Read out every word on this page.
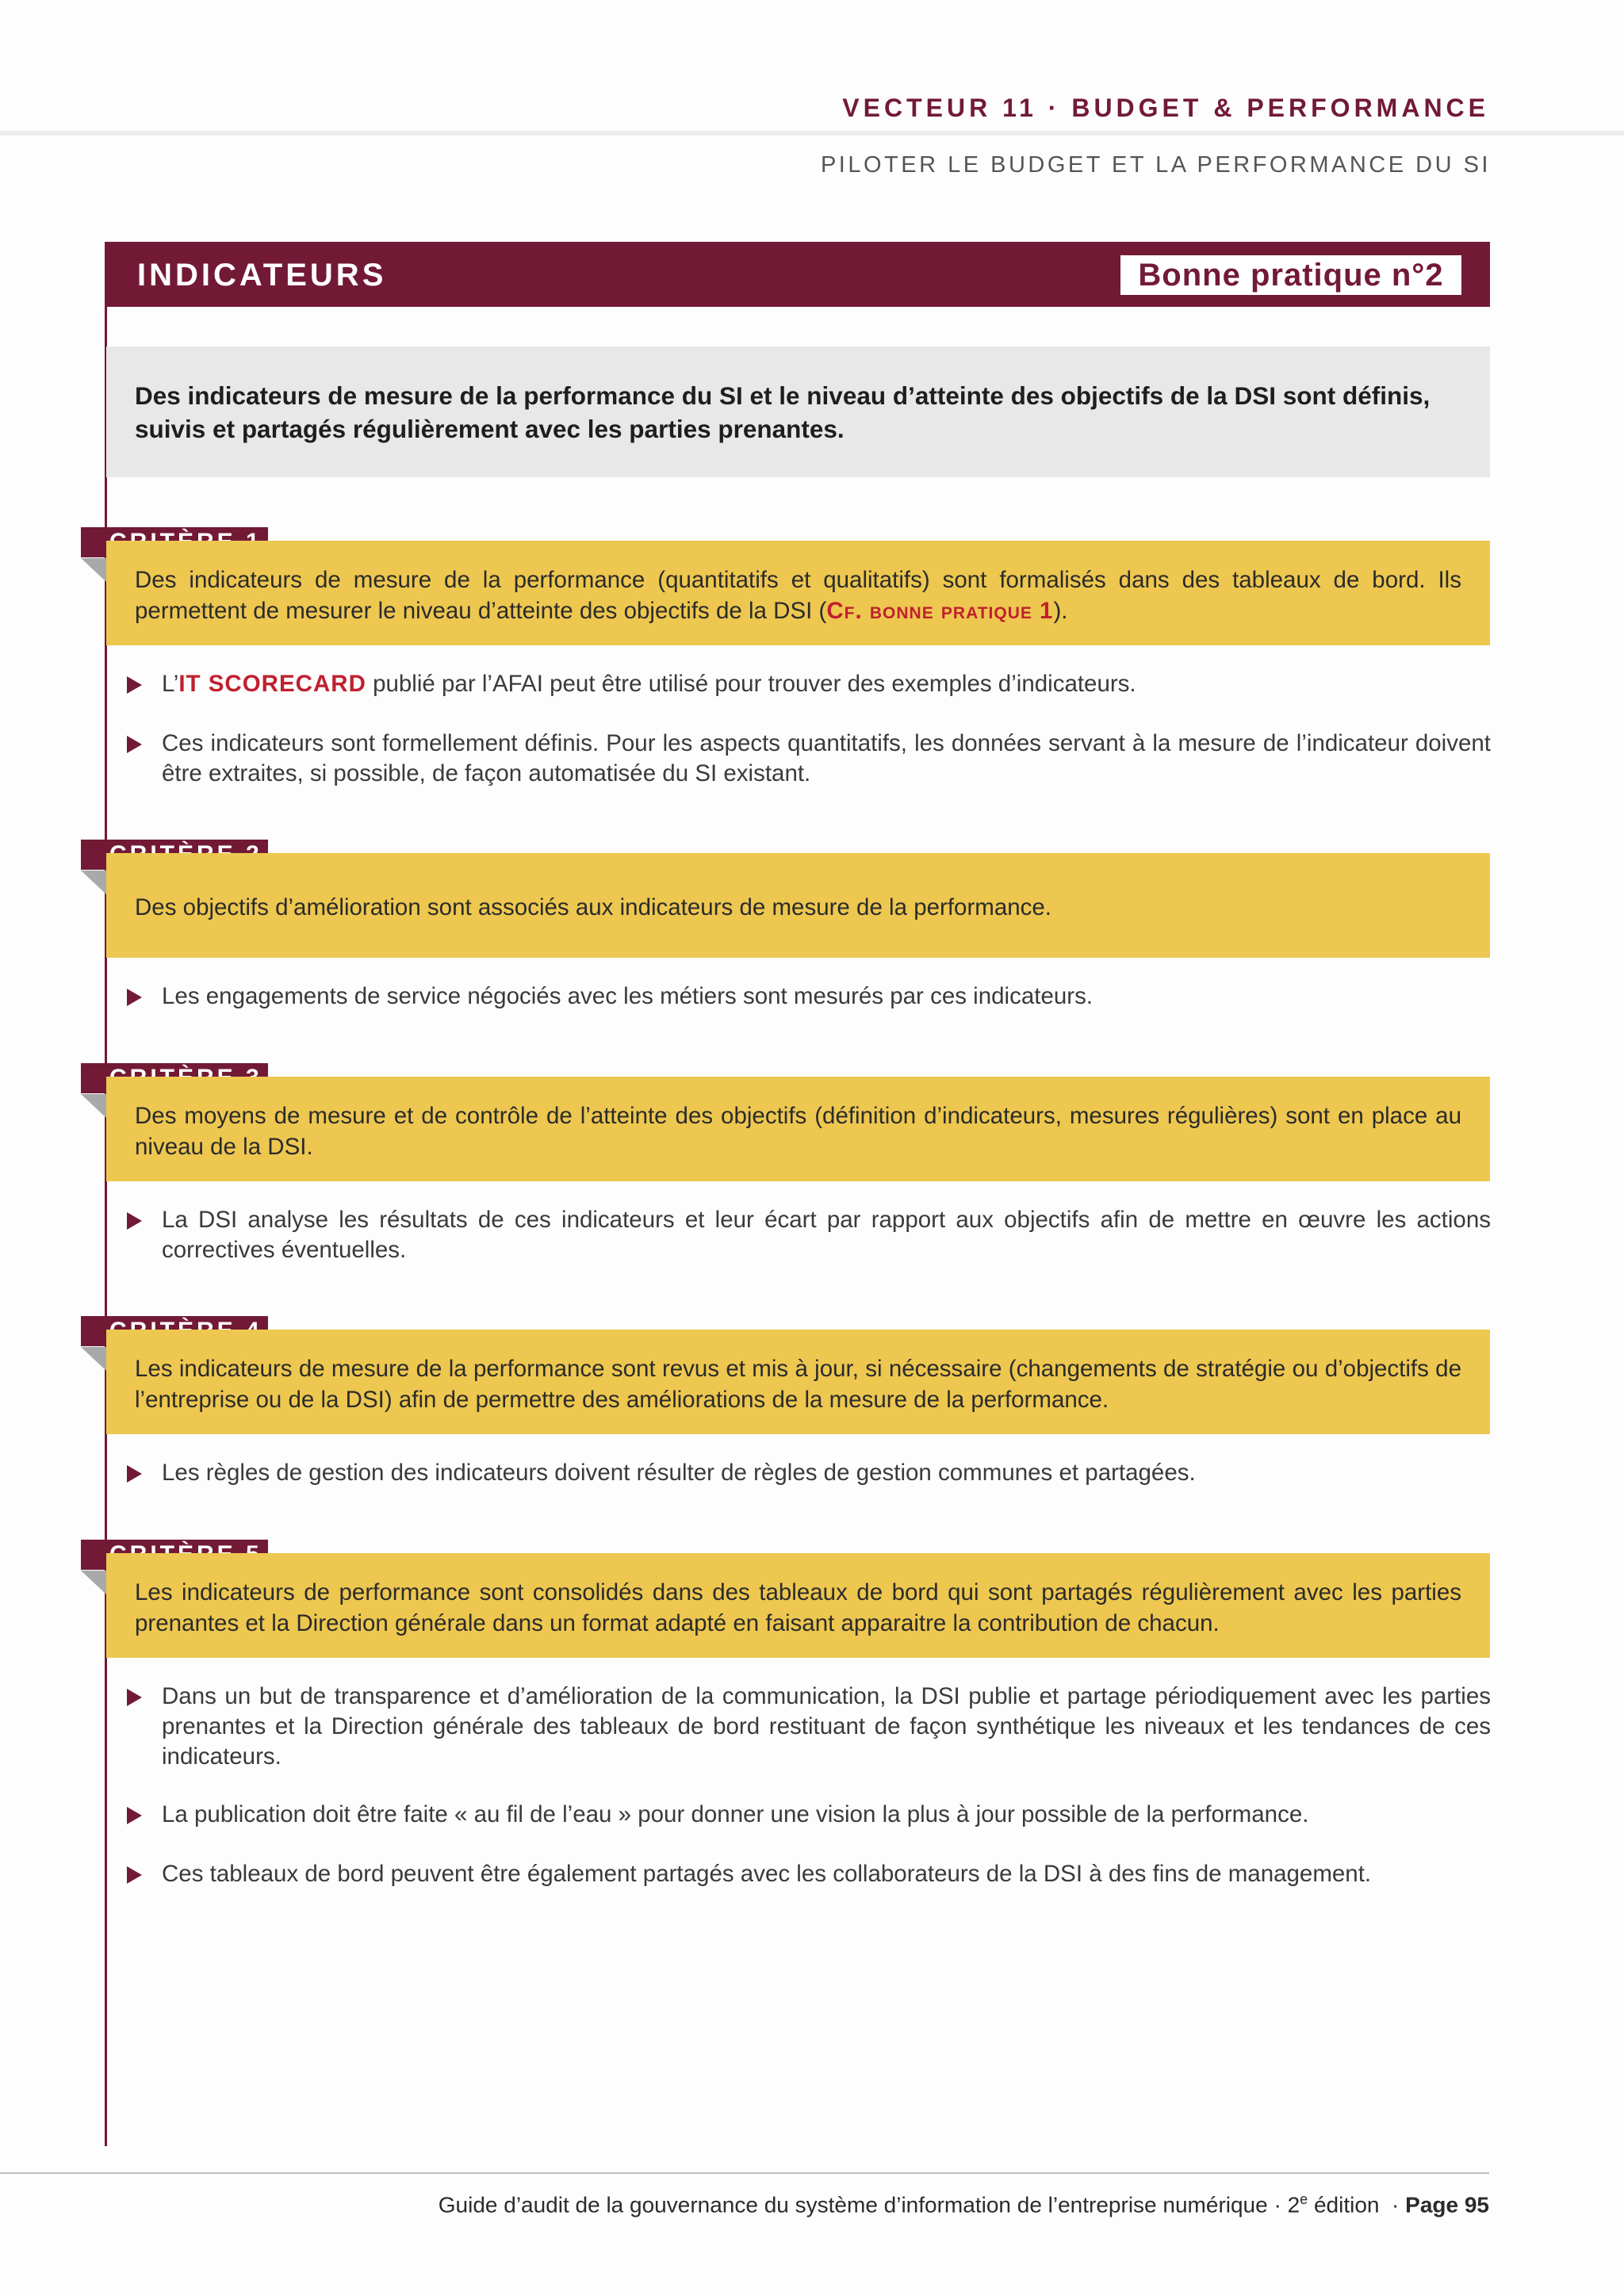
VECTEUR 11 · BUDGET & PERFORMANCE
PILOTER LE BUDGET ET LA PERFORMANCE DU SI
INDICATEURS	Bonne pratique n°2
Des indicateurs de mesure de la performance du SI et le niveau d’atteinte des objectifs de la DSI sont définis, suivis et partagés régulièrement avec les parties prenantes.
Des indicateurs de mesure de la performance (quantitatifs et qualitatifs) sont formalisés dans des tableaux de bord. Ils permettent de mesurer le niveau d’atteinte des objectifs de la DSI (Cf. bonne pratique 1).
L’IT SCORECARD publié par l’AFAI peut être utilisé pour trouver des exemples d’indicateurs.
Ces indicateurs sont formellement définis. Pour les aspects quantitatifs, les données servant à la mesure de l’indicateur doivent être extraites, si possible, de façon automatisée du SI existant.
Des objectifs d’amélioration sont associés aux indicateurs de mesure de la performance.
Les engagements de service négociés avec les métiers sont mesurés par ces indicateurs.
Des moyens de mesure et de contrôle de l’atteinte des objectifs (définition d’indicateurs, mesures régulières) sont en place au niveau de la DSI.
La DSI analyse les résultats de ces indicateurs et leur écart par rapport aux objectifs afin de mettre en œuvre les actions correctives éventuelles.
Les indicateurs de mesure de la performance sont revus et mis à jour, si nécessaire (changements de stratégie ou d’objectifs de l’entreprise ou de la DSI) afin de permettre des améliorations de la mesure de la performance.
Les règles de gestion des indicateurs doivent résulter de règles de gestion communes et partagées.
Les indicateurs de performance sont consolidés dans des tableaux de bord qui sont partagés régulièrement avec les parties prenantes et la Direction générale dans un format adapté en faisant apparaitre la contribution de chacun.
Dans un but de transparence et d’amélioration de la communication, la DSI publie et partage périodiquement avec les parties prenantes et la Direction générale des tableaux de bord restituant de façon synthétique les niveaux et les tendances de ces indicateurs.
La publication doit être faite « au fil de l’eau » pour donner une vision la plus à jour possible de la performance.
Ces tableaux de bord peuvent être également partagés avec les collaborateurs de la DSI à des fins de management.
Guide d’audit de la gouvernance du système d’information de l’entreprise numérique · $2^e$ édition  · Page 95
